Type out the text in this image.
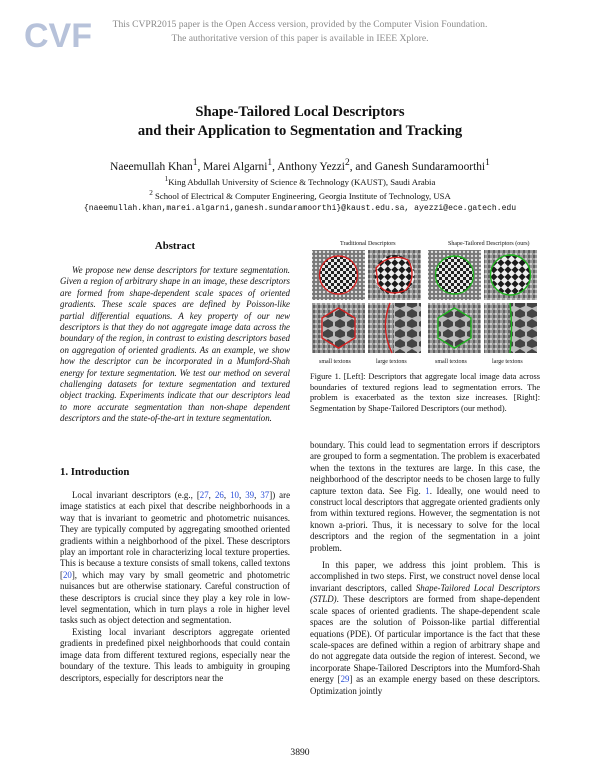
CVF	This CVPR2015 paper is the Open Access version, provided by the Computer Vision Foundation.
The authoritative version of this paper is available in IEEE Xplore.
Shape-Tailored Local Descriptors
and their Application to Segmentation and Tracking
Naeemullah Khan$^1$, Marei Algarni$^1$, Anthony Yezzi$^2$, and Ganesh Sundaramoorthi$^1$
$^1$King Abdullah University of Science & Technology (KAUST), Saudi Arabia
$^2$ School of Electrical & Computer Engineering, Georgia Institute of Technology, USA
{naeemullah.khan,marei.algarni,ganesh.sundaramoorthi}@kaust.edu.sa, ayezzi@ece.gatech.edu
Abstract

We propose new dense descriptors for texture segmentation. Given a region of arbitrary shape in an image, these descriptors are formed from shape-dependent scale spaces of oriented gradients. These scale spaces are defined by Poisson-like partial differential equations. A key property of our new descriptors is that they do not aggregate image data across the boundary of the region, in contrast to existing descriptors based on aggregation of oriented gradients. As an example, we show how the descriptor can be incorporated in a Mumford-Shah energy for texture segmentation. We test our method on several challenging datasets for texture segmentation and textured object tracking. Experiments indicate that our descriptors lead to more accurate segmentation than non-shape dependent descriptors and the state-of-the-art in texture segmentation.

1. Introduction

Local invariant descriptors (e.g., [27, 26, 10, 39, 37]) are image statistics at each pixel that describe neighborhoods in a way that is invariant to geometric and photometric nuisances. They are typically computed by aggregating smoothed oriented gradients within a neighborhood of the pixel. These descriptors play an important role in characterizing local texture properties. This is because a texture consists of small tokens, called textons [20], which may vary by small geometric and photometric nuisances but are otherwise stationary. Careful construction of these descriptors is crucial since they play a key role in low-level segmentation, which in turn plays a role in higher level tasks such as object detection and segmentation.

Existing local invariant descriptors aggregate oriented gradients in predefined pixel neighborhoods that could contain image data from different textured regions, especially near the boundary of the texture. This leads to ambiguity in grouping descriptors, especially for descriptors near the

Traditional Descriptors	Shape-Tailored Descriptors (ours)
small textons	large textons	small textons	large textons
Figure 1. [Left]: Descriptors that aggregate local image data across boundaries of textured regions lead to segmentation errors. The problem is exacerbated as the texton size increases. [Right]: Segmentation by Shape-Tailored Descriptors (our method).

boundary. This could lead to segmentation errors if descriptors are grouped to form a segmentation. The problem is exacerbated when the textons in the textures are large. In this case, the neighborhood of the descriptor needs to be chosen large to fully capture texton data. See Fig. 1. Ideally, one would need to construct local descriptors that aggregate oriented gradients only from within textured regions. However, the segmentation is not known a-priori. Thus, it is necessary to solve for the local descriptors and the region of the segmentation in a joint problem.

In this paper, we address this joint problem. This is accomplished in two steps. First, we construct novel dense local invariant descriptors, called Shape-Tailored Local Descriptors (STLD). These descriptors are formed from shape-dependent scale spaces of oriented gradients. The shape-dependent scale spaces are the solution of Poisson-like partial differential equations (PDE). Of particular importance is the fact that these scale-spaces are defined within a region of arbitrary shape and do not aggregate data outside the region of interest. Second, we incorporate Shape-Tailored Descriptors into the Mumford-Shah energy [29] as an example energy based on these descriptors. Optimization jointly

3890
